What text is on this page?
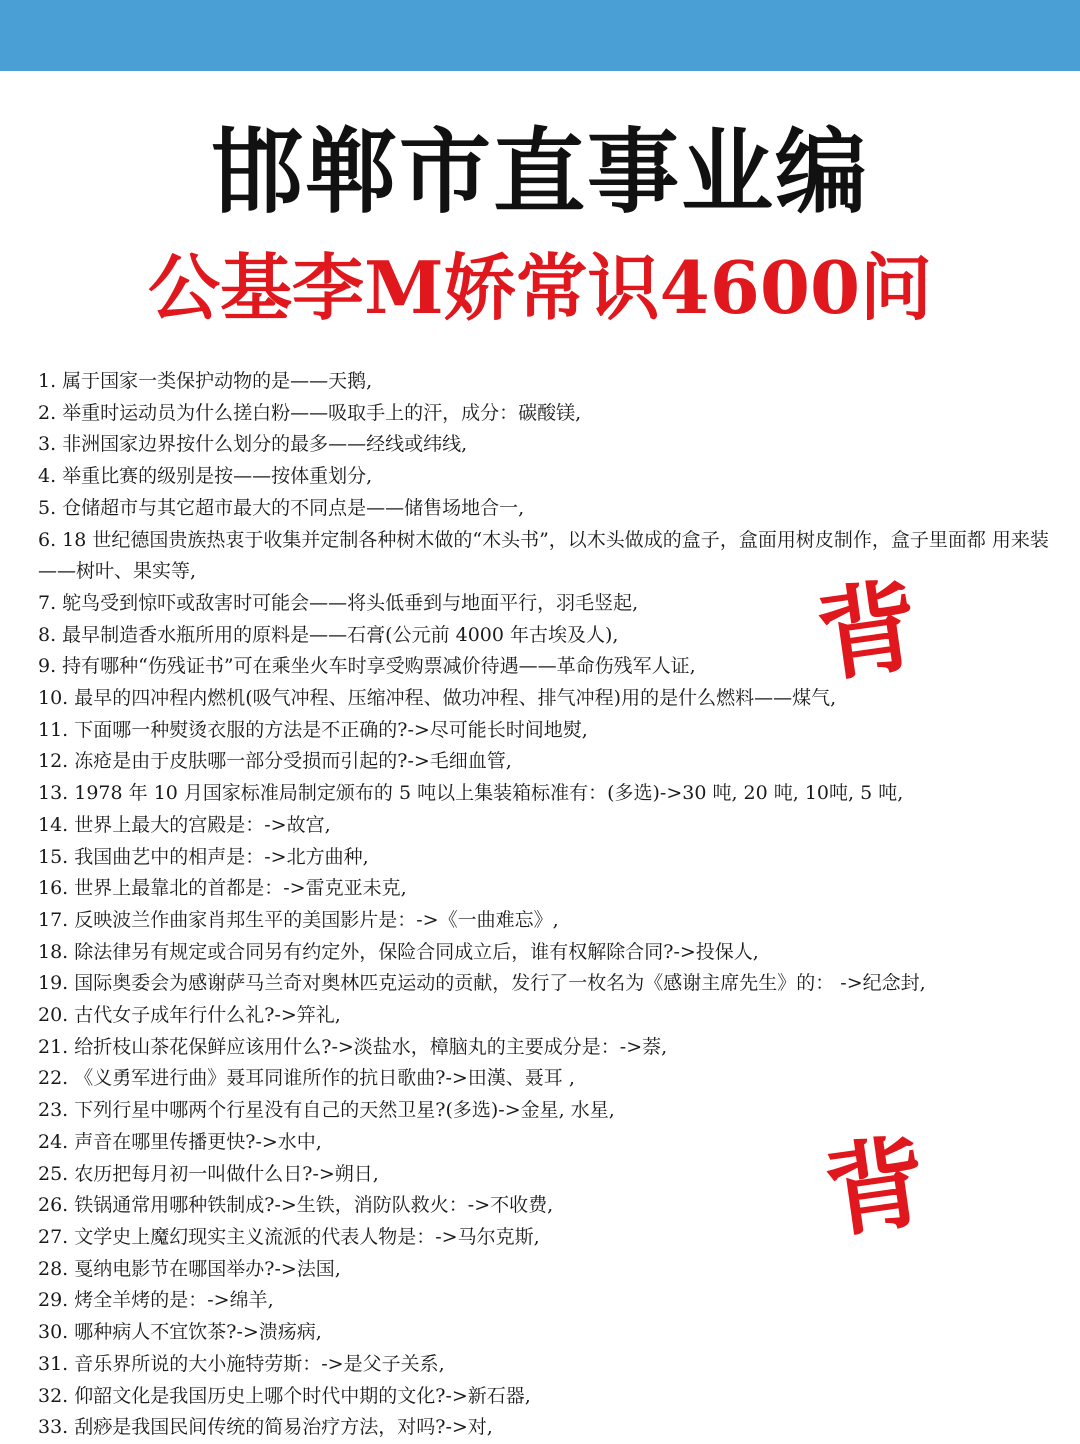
邯郸市直事业编
公基李M娇常识4600问
1. 属于国家一类保护动物的是——天鹅,
2. 举重时运动员为什么搓白粉——吸取手上的汗，成分：碳酸镁,
3. 非洲国家边界按什么划分的最多——经线或纬线,
4. 举重比赛的级别是按——按体重划分,
5. 仓储超市与其它超市最大的不同点是——储售场地合一,
6. 18 世纪德国贵族热衷于收集并定制各种树木做的“木头书”，以木头做成的盒子，盒面用树皮制作，盒子里面都 用来装——树叶、果实等,
7. 鸵鸟受到惊吓或敌害时可能会——将头低垂到与地面平行，羽毛竖起,
8. 最早制造香水瓶所用的原料是——石膏(公元前 4000 年古埃及人),
9. 持有哪种“伤残证书”可在乘坐火车时享受购票减价待遇——革命伤残军人证,
10. 最早的四冲程内燃机(吸气冲程、压缩冲程、做功冲程、排气冲程)用的是什么燃料——煤气,
11. 下面哪一种熨烫衣服的方法是不正确的?->尽可能长时间地熨,
12. 冻疮是由于皮肤哪一部分受损而引起的?->毛细血管,
13. 1978 年 10 月国家标准局制定颁布的 5 吨以上集装箱标准有：(多选)->30 吨, 20 吨, 10吨, 5 吨,
14. 世界上最大的宫殿是：->故宫,
15. 我国曲艺中的相声是：->北方曲种,
16. 世界上最靠北的首都是：->雷克亚未克,
17. 反映波兰作曲家肖邦生平的美国影片是：->《一曲难忘》,
18. 除法律另有规定或合同另有约定外，保险合同成立后，谁有权解除合同?->投保人,
19. 国际奥委会为感谢萨马兰奇对奥林匹克运动的贡献，发行了一枚名为《感谢主席先生》的： ->纪念封,
20. 古代女子成年行什么礼?->笄礼,
21. 给折枝山茶花保鲜应该用什么?->淡盐水，樟脑丸的主要成分是：->萘,
22. 《义勇军进行曲》聂耳同谁所作的抗日歌曲?->田漢、聂耳 ,
23. 下列行星中哪两个行星没有自己的天然卫星?(多选)->金星, 水星,
24. 声音在哪里传播更快?->水中,
25. 农历把每月初一叫做什么日?->朔日,
26. 铁锅通常用哪种铁制成?->生铁，消防队救火：->不收费,
27. 文学史上魔幻现实主义流派的代表人物是：->马尔克斯,
28. 戛纳电影节在哪国举办?->法国,
29. 烤全羊烤的是：->绵羊,
30. 哪种病人不宜饮茶?->溃疡病,
31. 音乐界所说的大小施特劳斯：->是父子关系,
32. 仰韶文化是我国历史上哪个时代中期的文化?->新石器,
33. 刮痧是我国民间传统的简易治疗方法，对吗?->对,
背
背
